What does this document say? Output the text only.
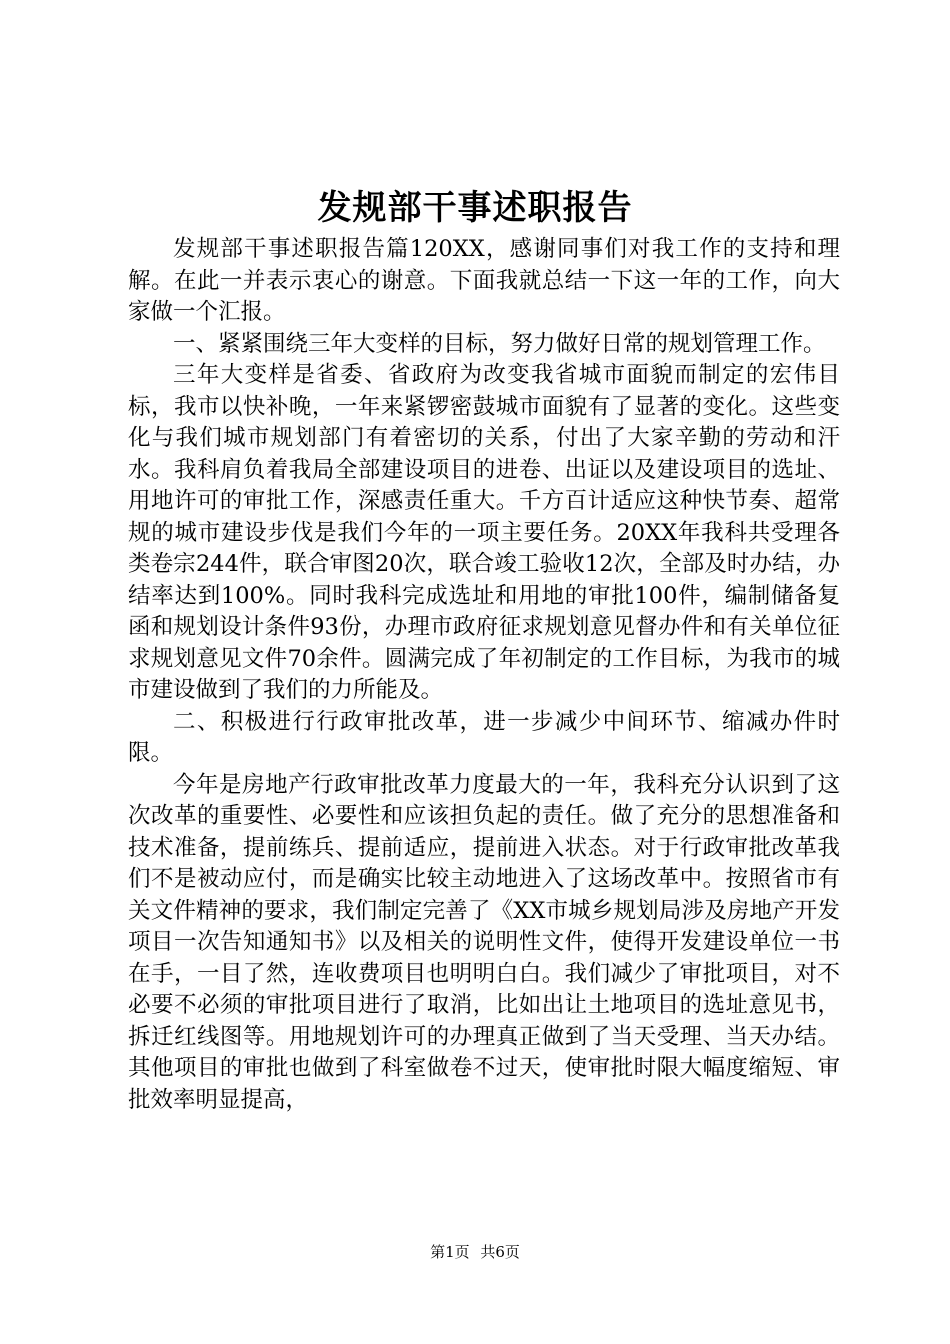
发规部干事述职报告

发规部干事述职报告篇120XX，感谢同事们对我工作的支持和理解。在此一并表示衷心的谢意。下面我就总结一下这一年的工作，向大家做一个汇报。

一、紧紧围绕三年大变样的目标，努力做好日常的规划管理工作。

三年大变样是省委、省政府为改变我省城市面貌而制定的宏伟目标，我市以快补晚，一年来紧锣密鼓城市面貌有了显著的变化。这些变化与我们城市规划部门有着密切的关系，付出了大家辛勤的劳动和汗水。我科肩负着我局全部建设项目的进卷、出证以及建设项目的选址、用地许可的审批工作，深感责任重大。千方百计适应这种快节奏、超常规的城市建设步伐是我们今年的一项主要任务。20XX年我科共受理各类卷宗244件，联合审图20次，联合竣工验收12次，全部及时办结，办结率达到100%。同时我科完成选址和用地的审批100件，编制储备复函和规划设计条件93份，办理市政府征求规划意见督办件和有关单位征求规划意见文件70余件。圆满完成了年初制定的工作目标，为我市的城市建设做到了我们的力所能及。

二、积极进行行政审批改革，进一步减少中间环节、缩减办件时限。

今年是房地产行政审批改革力度最大的一年，我科充分认识到了这次改革的重要性、必要性和应该担负起的责任。做了充分的思想准备和技术准备，提前练兵、提前适应，提前进入状态。对于行政审批改革我们不是被动应付，而是确实比较主动地进入了这场改革中。按照省市有关文件精神的要求，我们制定完善了《XX市城乡规划局涉及房地产开发项目一次告知通知书》以及相关的说明性文件，使得开发建设单位一书在手，一目了然，连收费项目也明明白白。我们减少了审批项目，对不必要不必须的审批项目进行了取消，比如出让土地项目的选址意见书，拆迁红线图等。用地规划许可的办理真正做到了当天受理、当天办结。其他项目的审批也做到了科室做卷不过天，使审批时限大幅度缩短、审批效率明显提高，

第1页 共6页
